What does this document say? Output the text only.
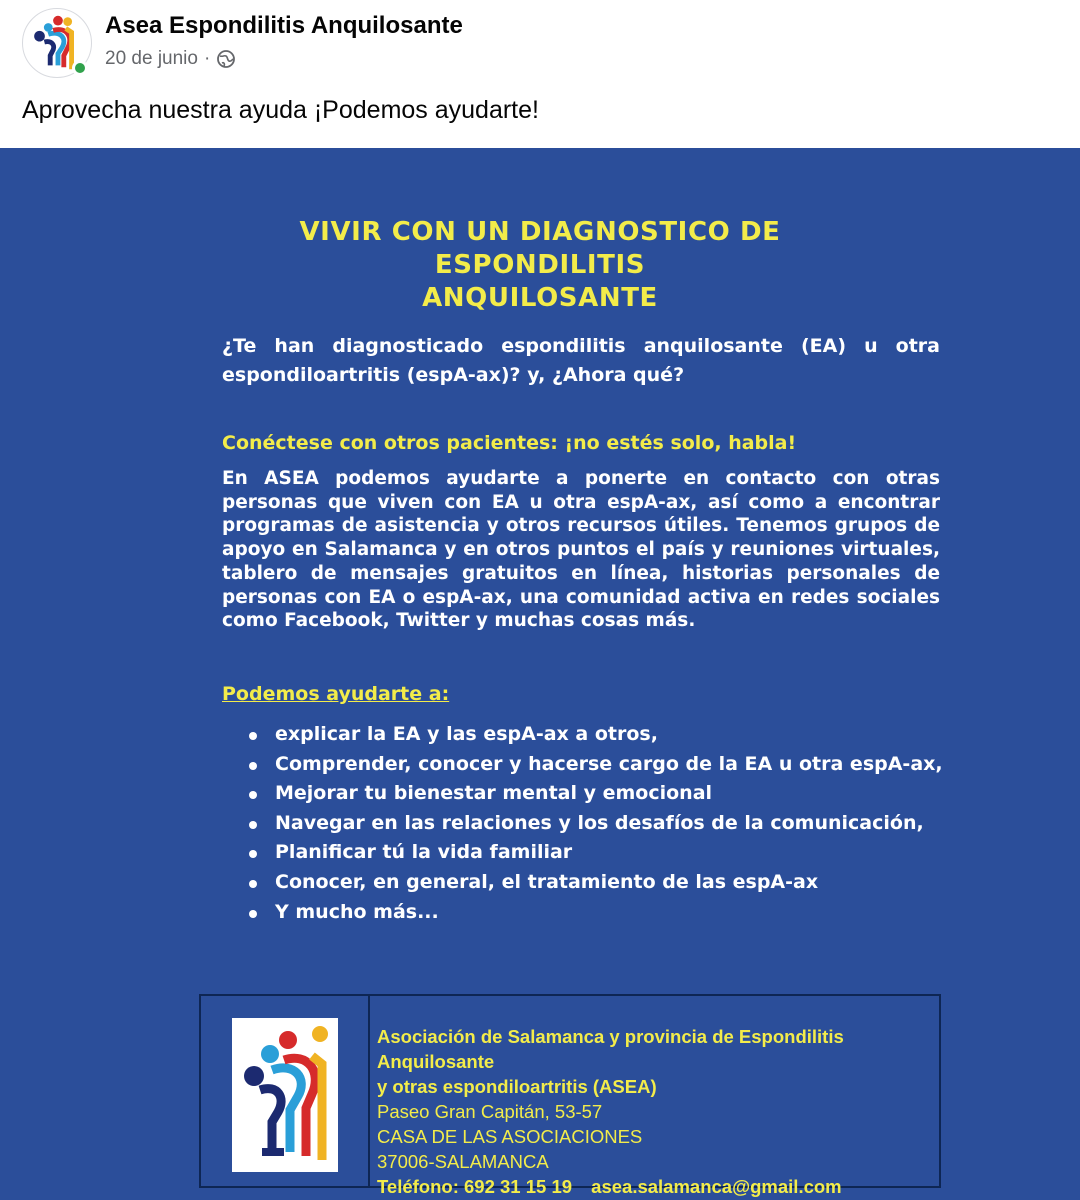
Asea Espondilitis Anquilosante
20 de junio ·
Aprovecha nuestra ayuda ¡Podemos ayudarte!
VIVIR CON UN DIAGNOSTICO DE ESPONDILITIS
ANQUILOSANTE

¿Te han diagnosticado espondilitis anquilosante (EA) u otra espondiloartritis (espA-ax)? y, ¿Ahora qué?

Conéctese con otros pacientes: ¡no estés solo, habla!

En ASEA podemos ayudarte a ponerte en contacto con otras personas que viven con EA u otra espA-ax, así como a encontrar programas de asistencia y otros recursos útiles. Tenemos grupos de apoyo en Salamanca y en otros puntos el país y reuniones virtuales, tablero de mensajes gratuitos en línea, historias personales de personas con EA o espA-ax, una comunidad activa en redes sociales como Facebook, Twitter y muchas cosas más.

Podemos ayudarte a:
explicar la EA y las espA-ax a otros,
Comprender, conocer y hacerse cargo de la EA u otra espA-ax,
Mejorar tu bienestar mental y emocional
Navegar en las relaciones y los desafíos de la comunicación,
Planificar tú la vida familiar
Conocer, en general, el tratamiento de las espA-ax
Y mucho más...
Asociación de Salamanca y provincia de Espondilitis Anquilosante
y otras espondiloartritis (ASEA)
Paseo Gran Capitán, 53-57
CASA DE LAS ASOCIACIONES
37006-SALAMANCA
Teléfono: 692 31 15 19 asea.salamanca@gmail.com
